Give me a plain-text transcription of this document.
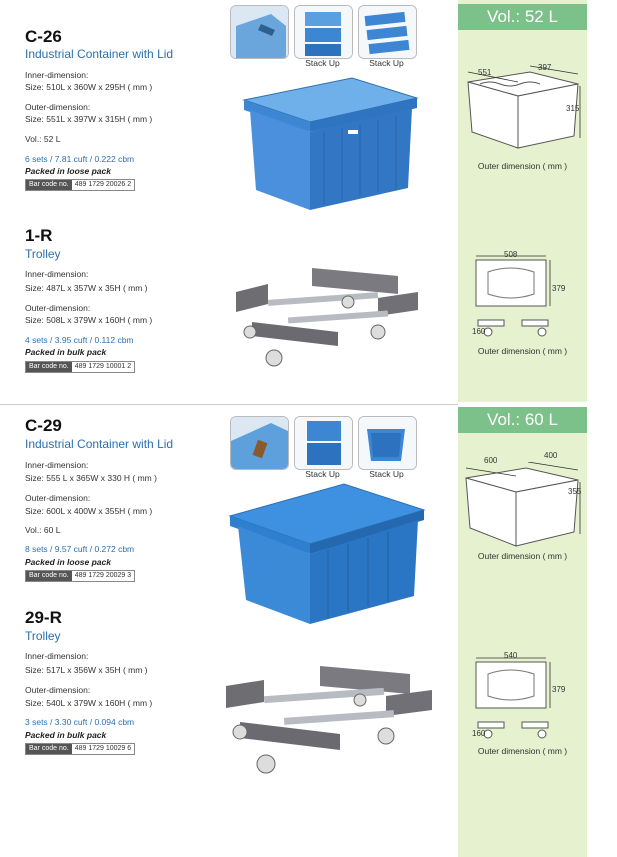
Vol.: 52 L
Vol.: 60 L
C-26
Industrial Container with Lid
Inner-dimension:
Size: 510L x 360W x 295H ( mm )
Outer-dimension:
Size: 551L x 397W x 315H ( mm )
Vol.: 52 L
6 sets / 7.81 cuft / 0.222 cbm
Packed in loose pack
Bar code no. 489 1729 20026 2
Stack Up	Stack Up
551
397
315
Outer dimension ( mm )
1-R
Trolley
Inner-dimension:
Size: 487L x 357W x 35H ( mm )
Outer-dimension:
Size: 508L x 379W x 160H ( mm )
4 sets / 3.95 cuft / 0.112 cbm
Packed in bulk pack
Bar code no. 489 1729 10001 2
508
379
160
Outer dimension ( mm )
C-29
Industrial Container with Lid
Inner-dimension:
Size: 555 L x 365W x 330 H ( mm )
Outer-dimension:
Size: 600L x 400W x 355H ( mm )
Vol.: 60 L
8 sets / 9.57 cuft / 0.272 cbm
Packed in loose pack
Bar code no. 489 1729 20029 3
Stack Up	Stack Up
600
400
355
Outer dimension ( mm )
29-R
Trolley
Inner-dimension:
Size: 517L x 356W x 35H ( mm )
Outer-dimension:
Size: 540L x 379W x 160H ( mm )
3 sets / 3.30 cuft / 0.094 cbm
Packed in bulk pack
Bar code no. 489 1729 10029 6
540
379
160
Outer dimension ( mm )
